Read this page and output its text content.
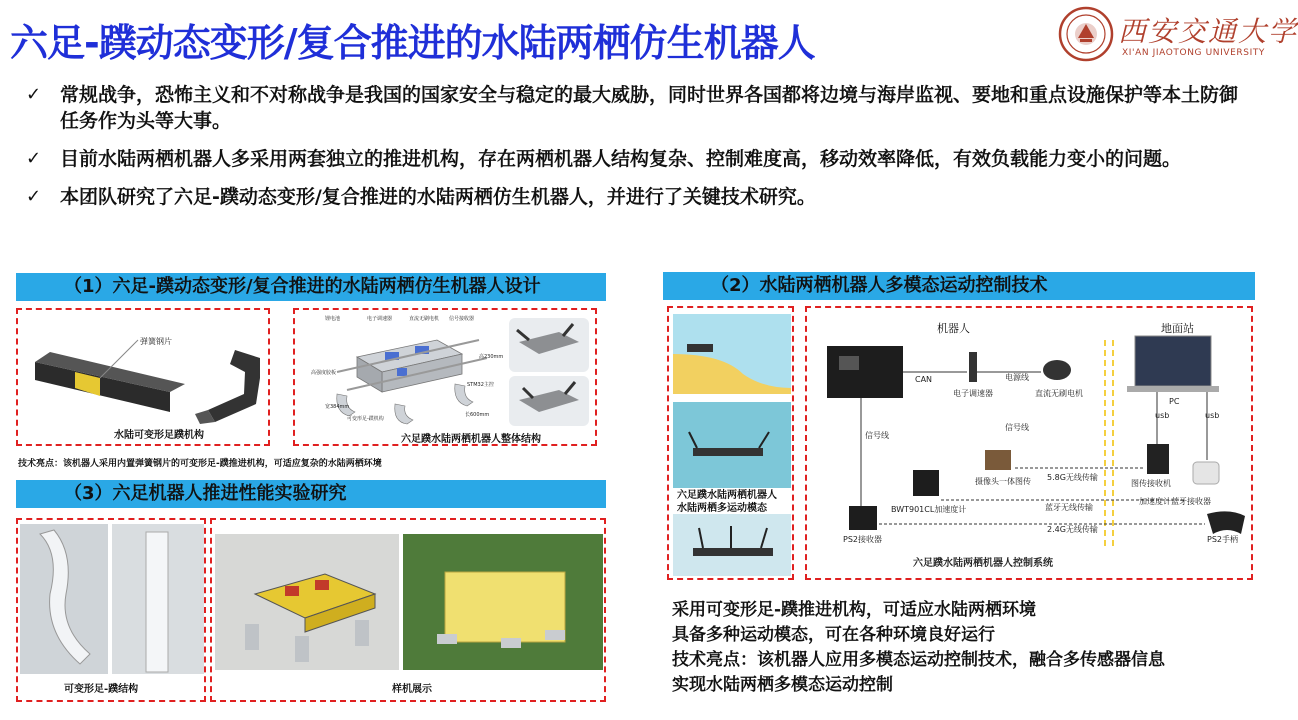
六足-蹼动态变形/复合推进的水陆两栖仿生机器人	西安交通大学
XI'AN JIAOTONG UNIVERSITY
✓ 常规战争，恐怖主义和不对称战争是我国的国家安全与稳定的最大威胁，同时世界各国都将边境与海岸监视、要地和重点设施保护等本土防御任务作为头等大事。
✓ 目前水陆两栖机器人多采用两套独立的推进机构，存在两栖机器人结构复杂、控制难度高，移动效率降低，有效负载能力变小的问题。
✓ 本团队研究了六足-蹼动态变形/复合推进的水陆两栖仿生机器人，并进行了关键技术研究。
（1）六足-蹼动态变形/复合推进的水陆两栖仿生机器人设计
弹簧钢片
水陆可变形足蹼机构
锂电池	电子调速器	直流无刷电机 信号接收器
高230mm
高强度胶板
STM32主控
宽384mm
长600mm
可变形足-蹼机构
六足蹼水陆两栖机器人整体结构
技术亮点：该机器人采用内置弹簧钢片的可变形足-蹼推进机构，可适应复杂的水陆两栖环境
（3）六足机器人推进性能实验研究
可变形足-蹼结构	样机展示
（2）水陆两栖机器人多模态运动控制技术
六足蹼水陆两栖机器人
水陆两栖多运动模态
机器人	地面站
CAN
电子调速器
电源线
直流无刷电机
信号线
信号线
摄像头一体图传 5.8G无线传输
图传接收机
PC
usb	usb
BWT901CL加速度计	蓝牙无线传输
加速度计蓝牙接收器
PS2接收器
2.4G无线传输
PS2手柄
六足蹼水陆两栖机器人控制系统
采用可变形足-蹼推进机构，可适应水陆两栖环境
具备多种运动模态，可在各种环境良好运行
技术亮点：该机器人应用多模态运动控制技术，融合多传感器信息
实现水陆两栖多模态运动控制
